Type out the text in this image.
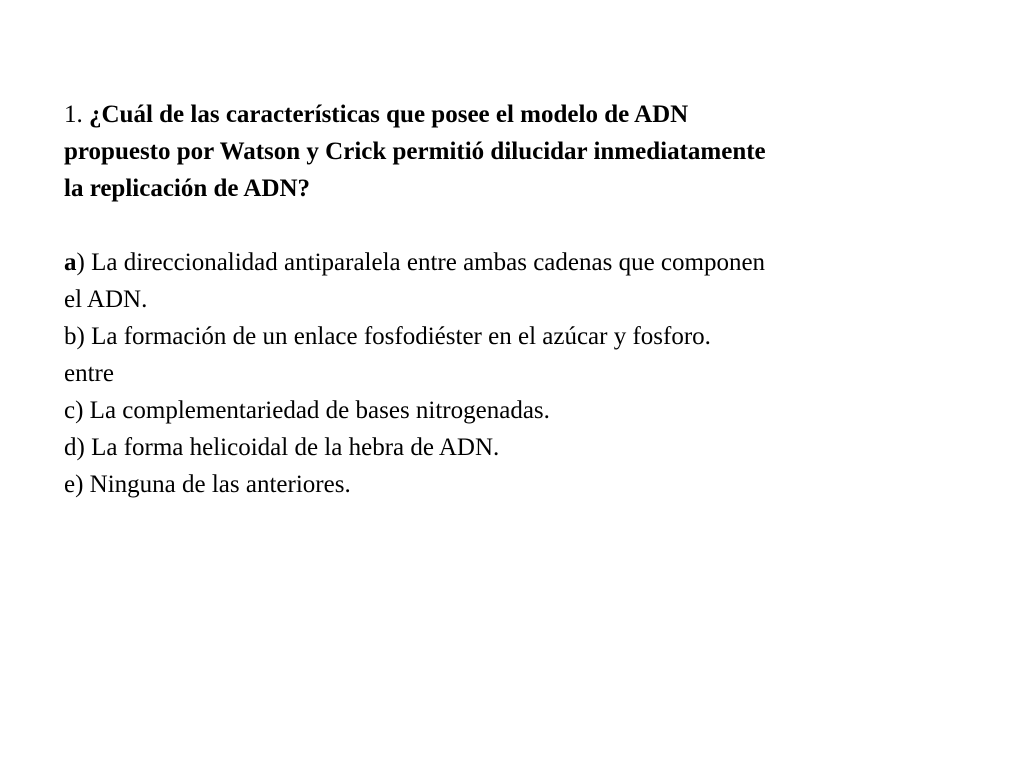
1. ¿Cuál de las características que posee el modelo de ADN
propuesto por Watson y Crick permitió dilucidar inmediatamente
la replicación de ADN?
a) La direccionalidad antiparalela entre ambas cadenas que componen
el ADN.
b) La formación de un enlace fosfodiéster en el azúcar y fosforo.
entre
c) La complementariedad de bases nitrogenadas.
d) La forma helicoidal de la hebra de ADN.
e) Ninguna de las anteriores.
